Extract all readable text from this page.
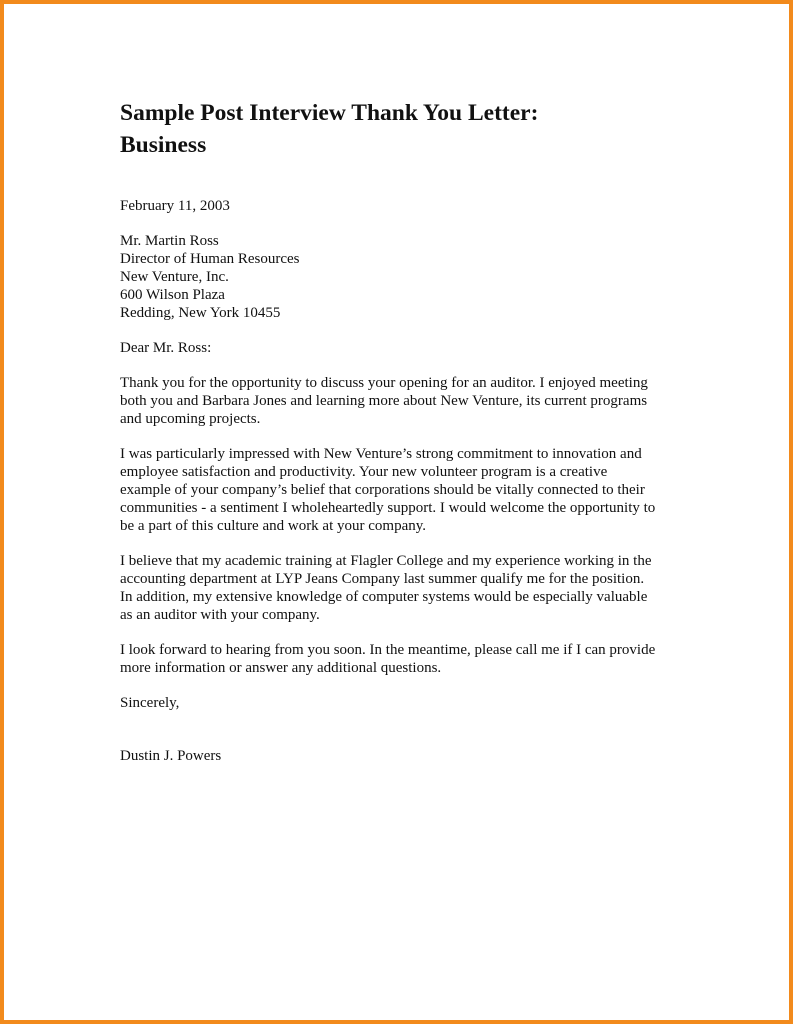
Sample Post Interview Thank You Letter:
Business
February 11, 2003
Mr. Martin Ross
Director of Human Resources
New Venture, Inc.
600 Wilson Plaza
Redding, New York 10455
Dear Mr. Ross:
Thank you for the opportunity to discuss your opening for an auditor. I enjoyed meeting
both you and Barbara Jones and learning more about New Venture, its current programs
and upcoming projects.
I was particularly impressed with New Venture’s strong commitment to innovation and
employee satisfaction and productivity. Your new volunteer program is a creative
example of your company’s belief that corporations should be vitally connected to their
communities - a sentiment I wholeheartedly support. I would welcome the opportunity to
be a part of this culture and work at your company.
I believe that my academic training at Flagler College and my experience working in the
accounting department at LYP Jeans Company last summer qualify me for the position.
In addition, my extensive knowledge of computer systems would be especially valuable
as an auditor with your company.
I look forward to hearing from you soon. In the meantime, please call me if I can provide
more information or answer any additional questions.
Sincerely,
Dustin J. Powers
